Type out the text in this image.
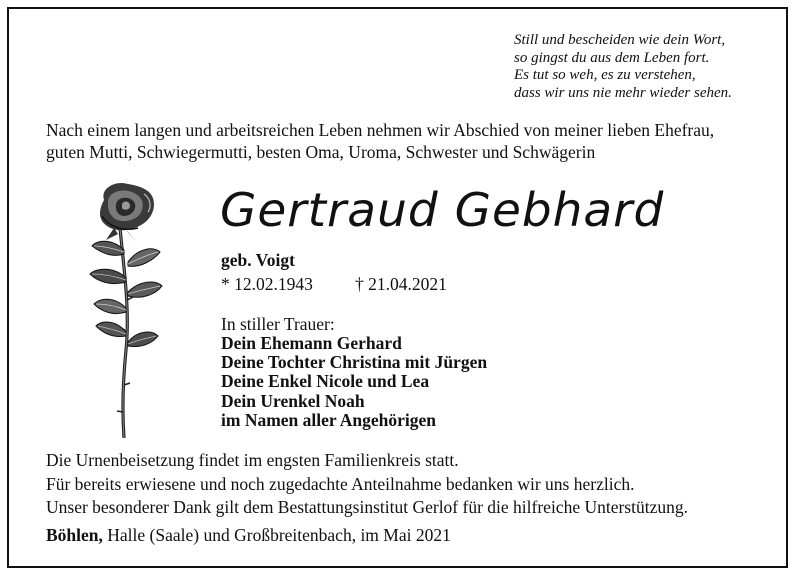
Still und bescheiden wie dein Wort,
so gingst du aus dem Leben fort.
Es tut so weh, es zu verstehen,
dass wir uns nie mehr wieder sehen.
Nach einem langen und arbeitsreichen Leben nehmen wir Abschied von meiner lieben Ehefrau,
guten Mutti, Schwiegermutti, besten Oma, Uroma, Schwester und Schwägerin
Gertraud Gebhard
geb. Voigt
* 12.02.1943 † 21.04.2021
In stiller Trauer:
Dein Ehemann Gerhard
Deine Tochter Christina mit Jürgen
Deine Enkel Nicole und Lea
Dein Urenkel Noah
im Namen aller Angehörigen
Die Urnenbeisetzung findet im engsten Familienkreis statt.
Für bereits erwiesene und noch zugedachte Anteilnahme bedanken wir uns herzlich.
Unser besonderer Dank gilt dem Bestattungsinstitut Gerlof für die hilfreiche Unterstützung.
Böhlen, Halle (Saale) und Großbreitenbach, im Mai 2021
